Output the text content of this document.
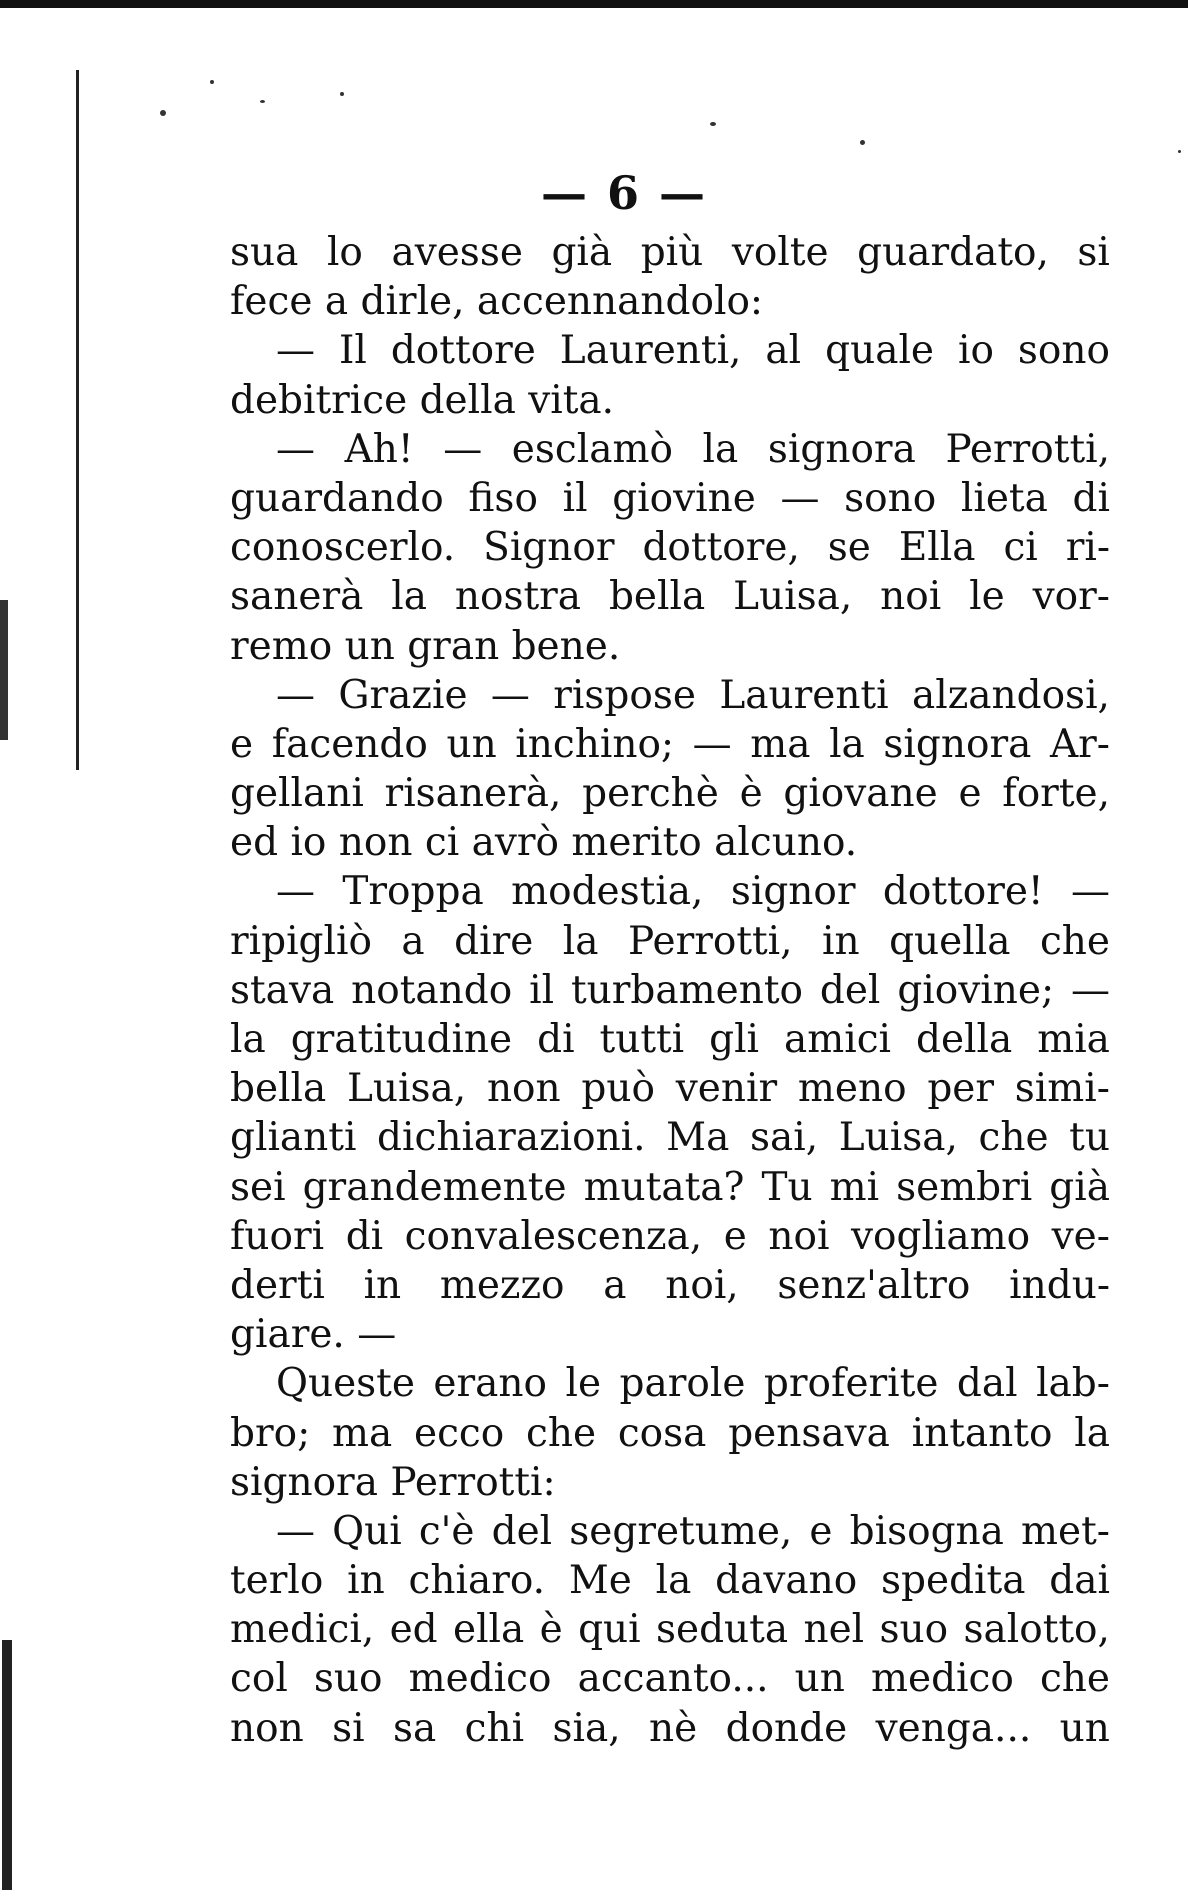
— 6 —
sua lo avesse già più volte guardato, si
fece a dirle, accennandolo:
— Il dottore Laurenti, al quale io sono
debitrice della vita.
— Ah! — esclamò la signora Perrotti,
guardando fiso il giovine — sono lieta di
conoscerlo. Signor dottore, se Ella ci ri-
sanerà la nostra bella Luisa, noi le vor-
remo un gran bene.
— Grazie — rispose Laurenti alzandosi,
e facendo un inchino; — ma la signora Ar-
gellani risanerà, perchè è giovane e forte,
ed io non ci avrò merito alcuno.
— Troppa modestia, signor dottore! —
ripigliò a dire la Perrotti, in quella che
stava notando il turbamento del giovine; —
la gratitudine di tutti gli amici della mia
bella Luisa, non può venir meno per simi-
glianti dichiarazioni. Ma sai, Luisa, che tu
sei grandemente mutata? Tu mi sembri già
fuori di convalescenza, e noi vogliamo ve-
derti in mezzo a noi, senz'altro indu-
giare. —
Queste erano le parole proferite dal lab-
bro; ma ecco che cosa pensava intanto la
signora Perrotti:
— Qui c'è del segretume, e bisogna met-
terlo in chiaro. Me la davano spedita dai
medici, ed ella è qui seduta nel suo salotto,
col suo medico accanto... un medico che
non si sa chi sia, nè donde venga... un
